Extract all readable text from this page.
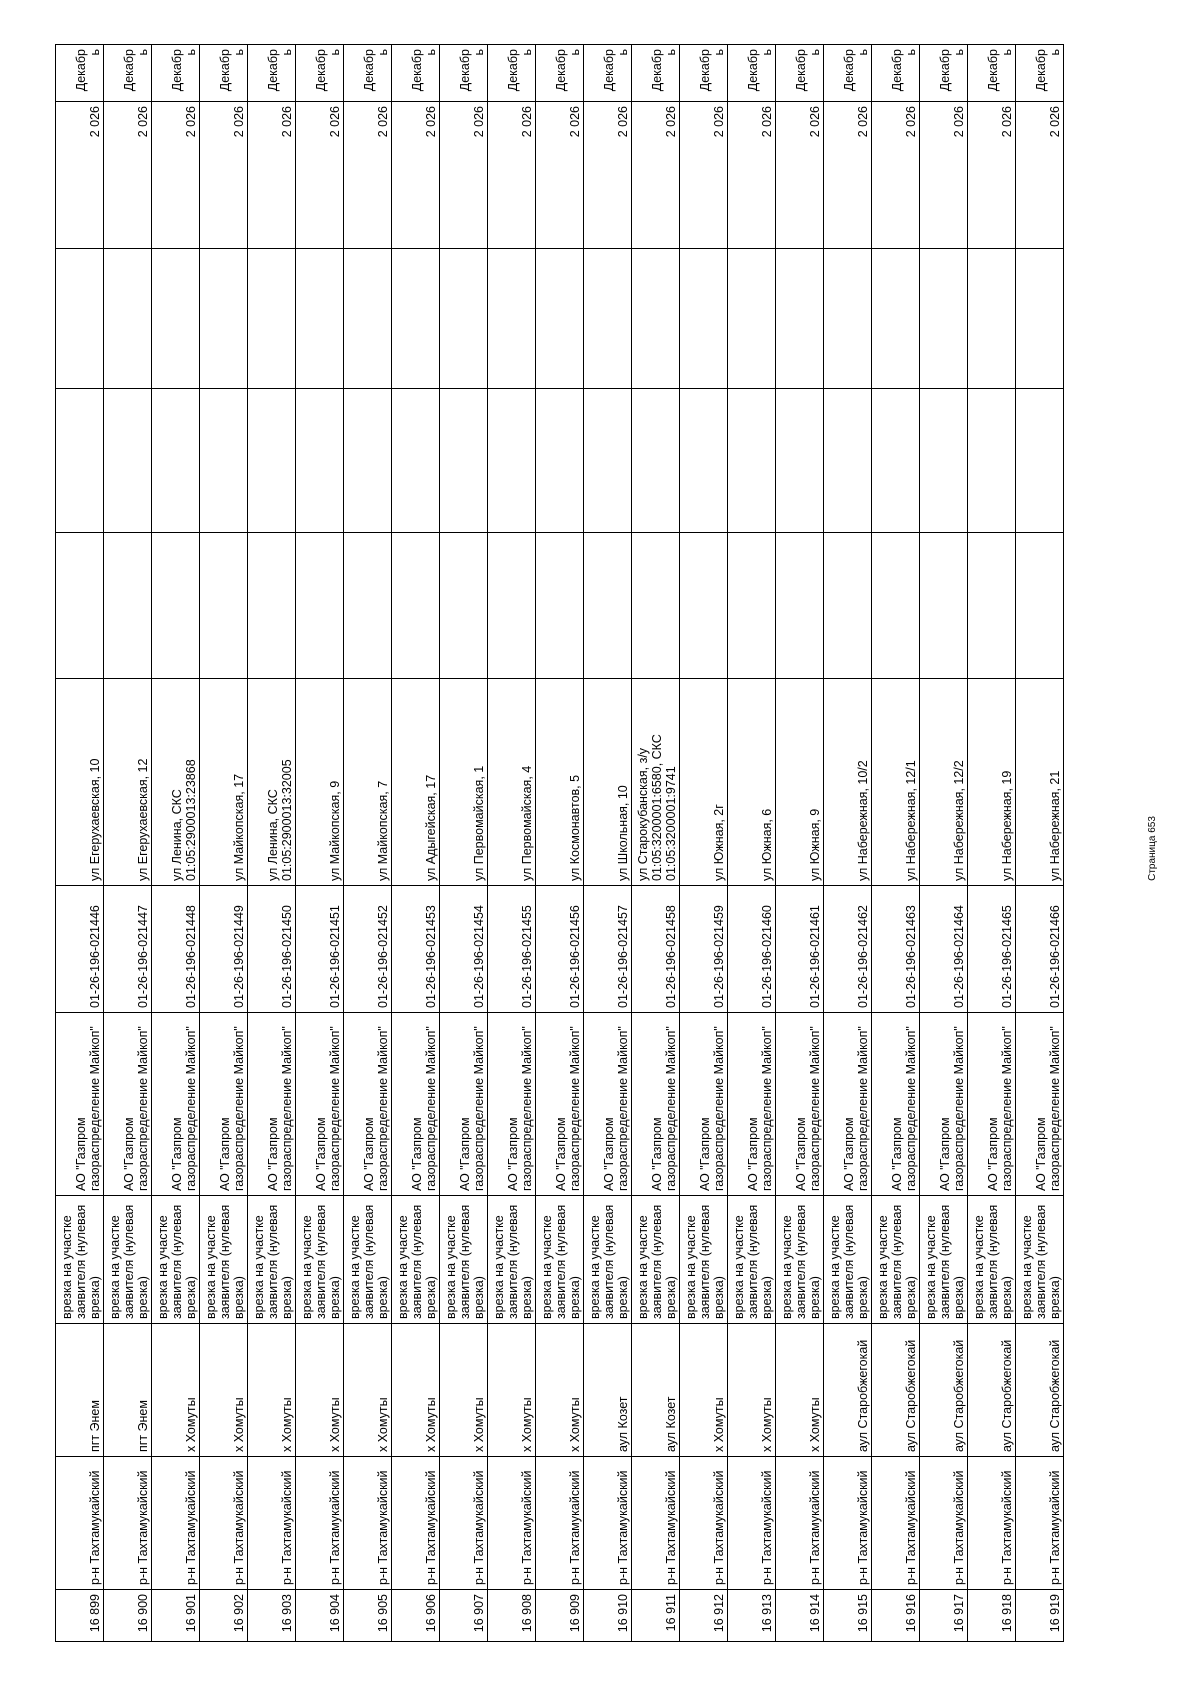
16 899	р-н Тахтамукайский	пгт Энем	врезка на участке заявителя (нулевая врезка)	АО "Газпром газораспределение Майкоп"	01-26-196-021446	ул Егерухаевская, 10				2 026	Декабрь
16 900	р-н Тахтамукайский	пгт Энем	врезка на участке заявителя (нулевая врезка)	АО "Газпром газораспределение Майкоп"	01-26-196-021447	ул Егерухаевская, 12				2 026	Декабрь
16 901	р-н Тахтамукайский	х Хомуты	врезка на участке заявителя (нулевая врезка)	АО "Газпром газораспределение Майкоп"	01-26-196-021448	ул Ленина, СКС 01:05:2900013:23868				2 026	Декабрь
16 902	р-н Тахтамукайский	х Хомуты	врезка на участке заявителя (нулевая врезка)	АО "Газпром газораспределение Майкоп"	01-26-196-021449	ул Майкопская, 17				2 026	Декабрь
16 903	р-н Тахтамукайский	х Хомуты	врезка на участке заявителя (нулевая врезка)	АО "Газпром газораспределение Майкоп"	01-26-196-021450	ул Ленина, СКС 01:05:2900013:32005				2 026	Декабрь
16 904	р-н Тахтамукайский	х Хомуты	врезка на участке заявителя (нулевая врезка)	АО "Газпром газораспределение Майкоп"	01-26-196-021451	ул Майкопская, 9				2 026	Декабрь
16 905	р-н Тахтамукайский	х Хомуты	врезка на участке заявителя (нулевая врезка)	АО "Газпром газораспределение Майкоп"	01-26-196-021452	ул Майкопская, 7				2 026	Декабрь
16 906	р-н Тахтамукайский	х Хомуты	врезка на участке заявителя (нулевая врезка)	АО "Газпром газораспределение Майкоп"	01-26-196-021453	ул Адыгейская, 17				2 026	Декабрь
16 907	р-н Тахтамукайский	х Хомуты	врезка на участке заявителя (нулевая врезка)	АО "Газпром газораспределение Майкоп"	01-26-196-021454	ул Первомайская, 1				2 026	Декабрь
16 908	р-н Тахтамукайский	х Хомуты	врезка на участке заявителя (нулевая врезка)	АО "Газпром газораспределение Майкоп"	01-26-196-021455	ул Первомайская, 4				2 026	Декабрь
16 909	р-н Тахтамукайский	х Хомуты	врезка на участке заявителя (нулевая врезка)	АО "Газпром газораспределение Майкоп"	01-26-196-021456	ул Космонавтов, 5				2 026	Декабрь
16 910	р-н Тахтамукайский	аул Козет	врезка на участке заявителя (нулевая врезка)	АО "Газпром газораспределение Майкоп"	01-26-196-021457	ул Школьная, 10				2 026	Декабрь
16 911	р-н Тахтамукайский	аул Козет	врезка на участке заявителя (нулевая врезка)	АО "Газпром газораспределение Майкоп"	01-26-196-021458	ул Старокубанская, з/у 01:05:3200001:6580, СКС 01:05:3200001:9741				2 026	Декабрь
16 912	р-н Тахтамукайский	х Хомуты	врезка на участке заявителя (нулевая врезка)	АО "Газпром газораспределение Майкоп"	01-26-196-021459	ул Южная, 2г				2 026	Декабрь
16 913	р-н Тахтамукайский	х Хомуты	врезка на участке заявителя (нулевая врезка)	АО "Газпром газораспределение Майкоп"	01-26-196-021460	ул Южная, 6				2 026	Декабрь
16 914	р-н Тахтамукайский	х Хомуты	врезка на участке заявителя (нулевая врезка)	АО "Газпром газораспределение Майкоп"	01-26-196-021461	ул Южная, 9				2 026	Декабрь
16 915	р-н Тахтамукайский	аул Старобжегокай	врезка на участке заявителя (нулевая врезка)	АО "Газпром газораспределение Майкоп"	01-26-196-021462	ул Набережная, 10/2				2 026	Декабрь
16 916	р-н Тахтамукайский	аул Старобжегокай	врезка на участке заявителя (нулевая врезка)	АО "Газпром газораспределение Майкоп"	01-26-196-021463	ул Набережная, 12/1				2 026	Декабрь
16 917	р-н Тахтамукайский	аул Старобжегокай	врезка на участке заявителя (нулевая врезка)	АО "Газпром газораспределение Майкоп"	01-26-196-021464	ул Набережная, 12/2				2 026	Декабрь
16 918	р-н Тахтамукайский	аул Старобжегокай	врезка на участке заявителя (нулевая врезка)	АО "Газпром газораспределение Майкоп"	01-26-196-021465	ул Набережная, 19				2 026	Декабрь
16 919	р-н Тахтамукайский	аул Старобжегокай	врезка на участке заявителя (нулевая врезка)	АО "Газпром газораспределение Майкоп"	01-26-196-021466	ул Набережная, 21				2 026	Декабрь
Страница 653
